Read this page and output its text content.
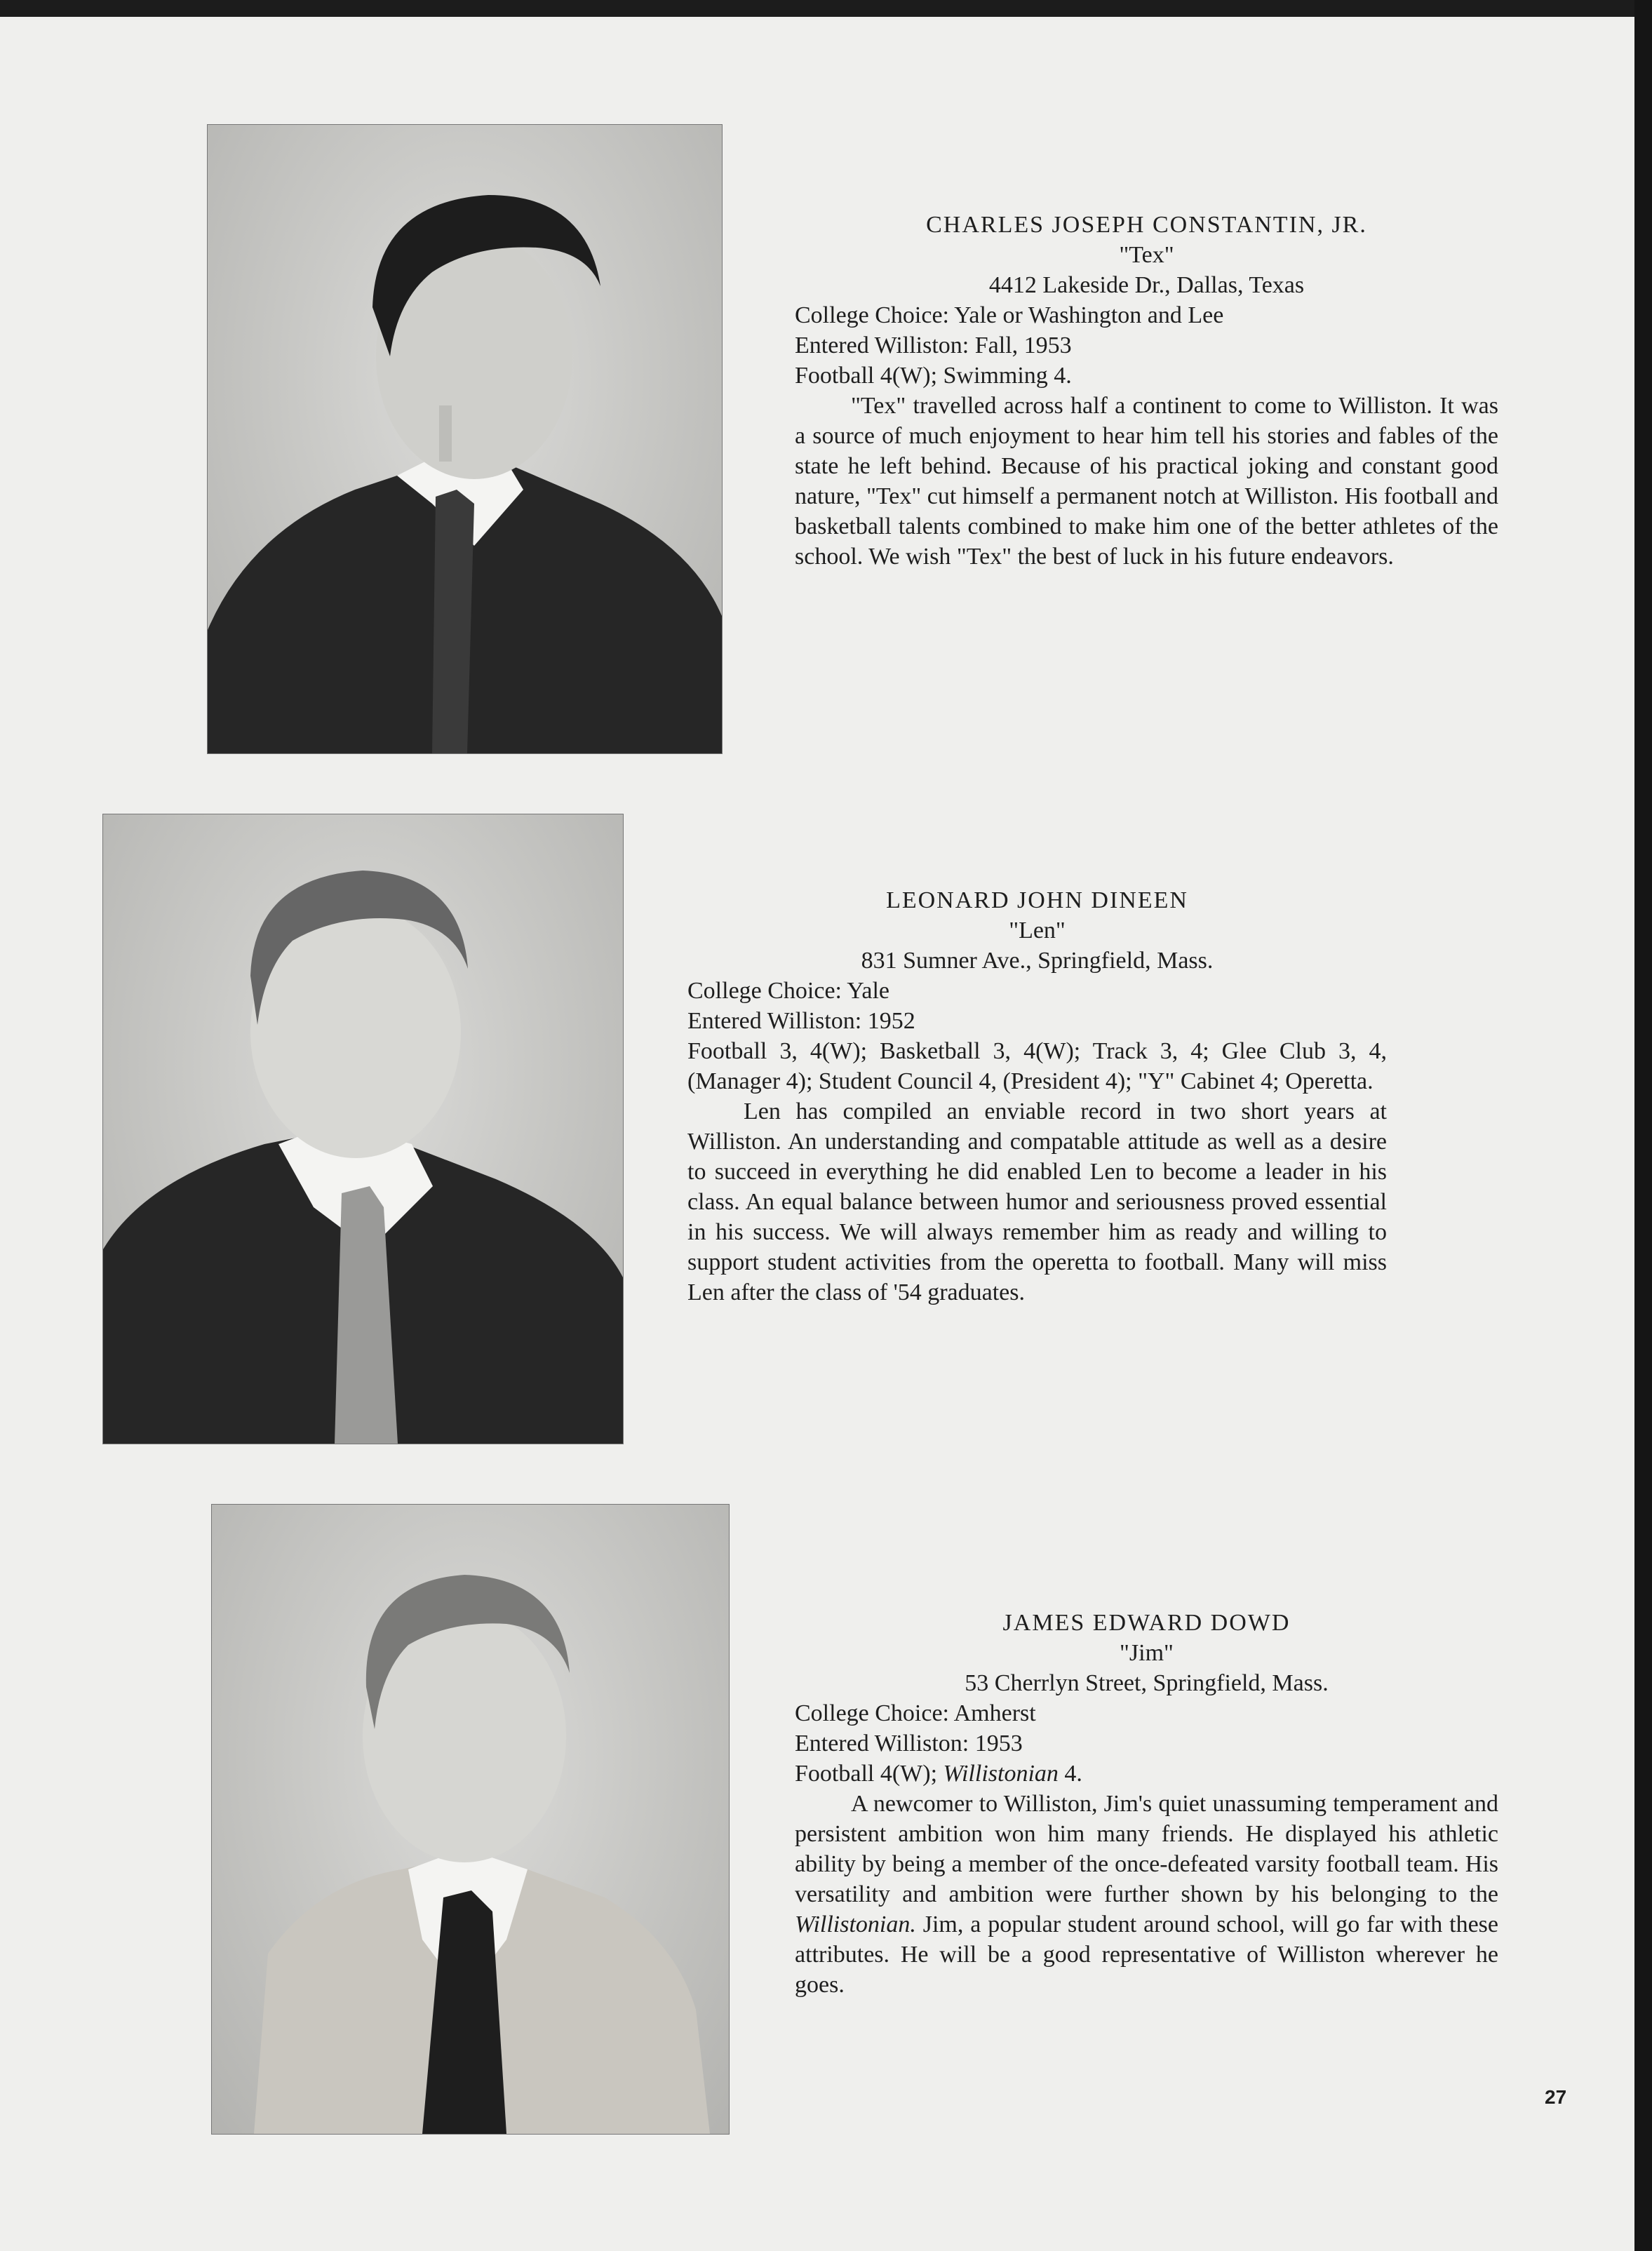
CHARLES JOSEPH CONSTANTIN, JR.
"Tex"
4412 Lakeside Dr., Dallas, Texas
College Choice: Yale or Washington and Lee
Entered Williston: Fall, 1953
Football 4(W); Swimming 4.
"Tex" travelled across half a continent to come to Williston. It was a source of much enjoyment to hear him tell his stories and fables of the state he left behind. Because of his practical joking and constant good nature, "Tex" cut himself a permanent notch at Williston. His football and basketball talents combined to make him one of the better athletes of the school. We wish "Tex" the best of luck in his future endeavors.
LEONARD JOHN DINEEN
"Len"
831 Sumner Ave., Springfield, Mass.
College Choice: Yale
Entered Williston: 1952
Football 3, 4(W); Basketball 3, 4(W); Track 3, 4; Glee Club 3, 4, (Manager 4); Student Council 4, (President 4); "Y" Cabinet 4; Operetta.
Len has compiled an enviable record in two short years at Williston. An understanding and compatable attitude as well as a desire to succeed in everything he did enabled Len to become a leader in his class. An equal balance between humor and seriousness proved essential in his success. We will always remember him as ready and willing to support student activities from the operetta to football. Many will miss Len after the class of '54 graduates.
JAMES EDWARD DOWD
"Jim"
53 Cherrlyn Street, Springfield, Mass.
College Choice: Amherst
Entered Williston: 1953
Football 4(W); Willistonian 4.
A newcomer to Williston, Jim's quiet unassuming temperament and persistent ambition won him many friends. He displayed his athletic ability by being a member of the once-defeated varsity football team. His versatility and ambition were further shown by his belonging to the Willistonian. Jim, a popular student around school, will go far with these attributes. He will be a good representative of Williston wherever he goes.
27
